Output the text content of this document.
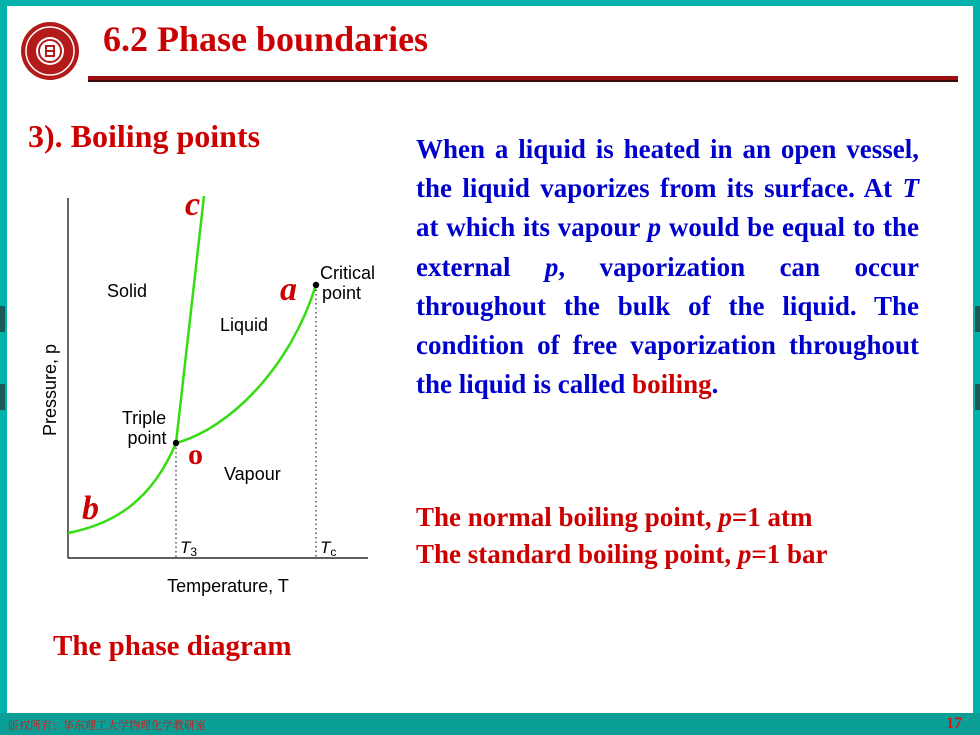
6.2 Phase boundaries
3). Boiling points
Pressure, p
Temperature, T
Solid
Liquid
Vapour
Triple
point
Critical
point
T3	Tc
a
b
c
o
When a liquid is heated in an open vessel, the liquid vaporizes from its surface. At T at which its vapour p would be equal to the external p, vaporization can occur throughout the bulk of the liquid. The condition of free vaporization throughout the liquid is called boiling.
The normal boiling point, p=1 atm
The standard boiling point, p=1 bar
The phase diagram
版权所有：华东理工大学物理化学教研室	17
